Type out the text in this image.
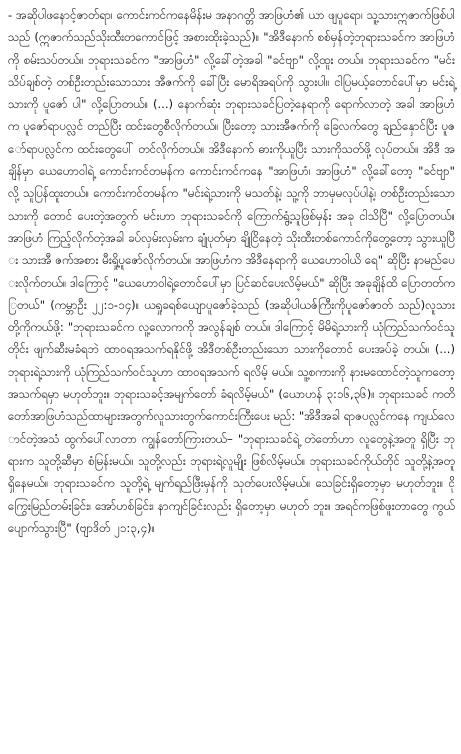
- အဆိုပါဖနောင့်ဇာတ်ရာ၊ ကောင်းကင်ကနေမိန်းမ အနာဂတ္တိ အာဖြဟံ၏ ယာ ဖျပူရော၊ သူ့သားဣဇာက်ဖြစ်ပါသည် (ဣဇာက်သည်သိုးထီးတကောင်ဖြင့် အစားထိုးခဲ့သည်)။ "အိဒီနောက် စစ်မှန်တဲ့ဘုရားသခင်က အာဖြဟံကို စမ်းသပ်တယ်။ ဘုရားသခင်က "အာဖြဟံ" လို့ခေါ်တဲ့အခါ "ခင်ဗျာ" လို့ထူး တယ်။ ဘုရားသခင်က "မင်းသိပ်ချစ်တဲ့ တစ်ဦးတည်းသောသား အီဇက်ကို ခေါ်ပြီး မောရိအရပ်ကို သွားပါ။ ငါပြမယ့်တောင်ပေါ်မှာ မင်းရဲ့သားကို ပူဇော် ပါ" လို့ပြောတယ်။ (...) နောက်ဆုံး ဘုရားသခင်ပြတဲ့နေရာကို ရောက်လာတဲ့ အခါ အာဖြဟံက ပူဇော်ရာပလ္လင် တည်ပြီး ထင်းတွေစီလိုက်တယ်။ ပြီးတော့ သားအီဇက်ကို ခြေလက်တွေ ချည်နှောင်ပြီး ပူဇော်ရာပလ္လင်က ထင်းတွေပေါ် တင်လိုက်တယ်။ အိဒီနောက် ဓားကိုယူပြီး သားကိုသတ်ဖို့ လုပ်တယ်။ အိဒီ အချိန်မှာ ယေဟောဝါရဲ့ ကောင်းကင်တမန်က ကောင်းကင်ကနေ "အာဖြဟံ၊ အာဖြဟံ" လို့ခေါ်တော့ "ခင်ဗျာ" လို့ သူပြန်ထူးတယ်။ ကောင်းကင်တမန်က "မင်းရဲ့သားကို မသတ်နဲ့၊ သူ့ကို ဘာမှမလုပ်ပါနဲ့၊ တစ်ဦးတည်းသော သားကို တောင် ပေးတဲ့အတွက် မင်းဟာ ဘုရားသခင်ကို ကြောက်ရွံ့သူဖြစ်မှန်း အခု ငါသိပြီ" လို့ပြောတယ်။ အာဖြဟံ ကြည့်လိုက်တဲ့အခါ ခပ်လှမ်းလှမ်းက ချုံပုတ်မှာ ချိုငြိနေတဲ့ သိုးထီးတစ်ကောင်ကိုတွေ့တော့ သွားယူပြီး သားအီ ဇက်အစား မီးရှို့ပူဇော်လိုက်တယ်။ အာဖြဟံက အိဒီနေရာကို ယေဟောဝါယိ ရေ" ဆိုပြီး နာမည်ပေးလိုက်တယ်။ ဒါကြောင့် "ယေဟောဝါရဲ့တောင်ပေါ်မှာ ပြင်ဆင်ပေးလိမ့်မယ်" ဆိုပြီး အခုချိန်ထိ ပြောတတ်ကြတယ်" (ကမ္ဘာဦး ၂၂:၁-၁၄)။ ယရှုခရစ်ယျောပူဇော်ခဲ့သည် (အဆိုပါယဇ်ကြီးကိုပူဇော်ဇာတ် သည်)လူသားတို့ကိုကယ်ဖို့: "ဘုရားသခင်က လူ့လောကကို အလွန်ချစ် တယ်။ ဒါကြောင့် မိမိရဲ့သားကို ယုံကြည်သက်ဝင်သူတိုင်း ဖျက်ဆီးမခံရဘဲ ထာဝရအသက်ရနိုင်ဖို့ အိဒီတစ်ဦးတည်းသော သားကိုတောင် ပေးအပ်ခဲ့ တယ်။ (...) ဘုရားရဲ့သားကို ယုံကြည်သက်ဝင်သူဟာ ထာဝရအသက် ရလိမ့် မယ်။ သူ့စကားကို နားမထောင်တဲ့သူကတော့ အသက်ရမှာ မဟုတ်ဘူး။ ဘုရားသခင့်အမျက်တော် ခံရလိမ့်မယ်" (ယောဟန် ၃:၁၆,၃၆)။ ဘုရားသခင် ကတိတော်အာဖြဟံသည်ထာများအတွက်လူသားတွက်ကောင်းကြီးပေး မည်: "အိဒီအခါ ရာဇပလ္လင်ကနေ ကျယ်လောင်တဲ့အသံ ထွက်ပေါ်လာတာ ကျွန်တော်ကြားတယ်– "ဘုရားသခင်ရဲ့ တဲတော်ဟာ လူတွေနဲ့အတူ ရှိပြီး ဘု ရားက သူတို့ဆီမှာ စံမြန်းမယ်။ သူတို့လည်း ဘုရားရဲ့လူမျိုး ဖြစ်လိမ့်မယ်။ ဘုရားသခင်ကိုယ်တိုင် သူတို့နဲ့အတူ ရှိနေမယ်။ ဘုရားသခင်က သူတို့ရဲ့ မျက်ရည်ဖြီးမှန်ကို သုတ်ပေးလိမ့်မယ်။ သေခြင်းရှိတော့မှာ မဟုတ်ဘူး။ ငို ကြွေးမြည်တမ်းခြင်း၊ အော်ဟစ်ခြင်း၊ နာကျင်ခြင်းလည်း ရှိတော့မှာ မဟုတ် ဘူး။ အရင်ကဖြစ်ဖူးတာတွေ ကွယ်ပျောက်သွားပြီ" (ဗျာဒိတ် ၂၁:၃,၄)။
